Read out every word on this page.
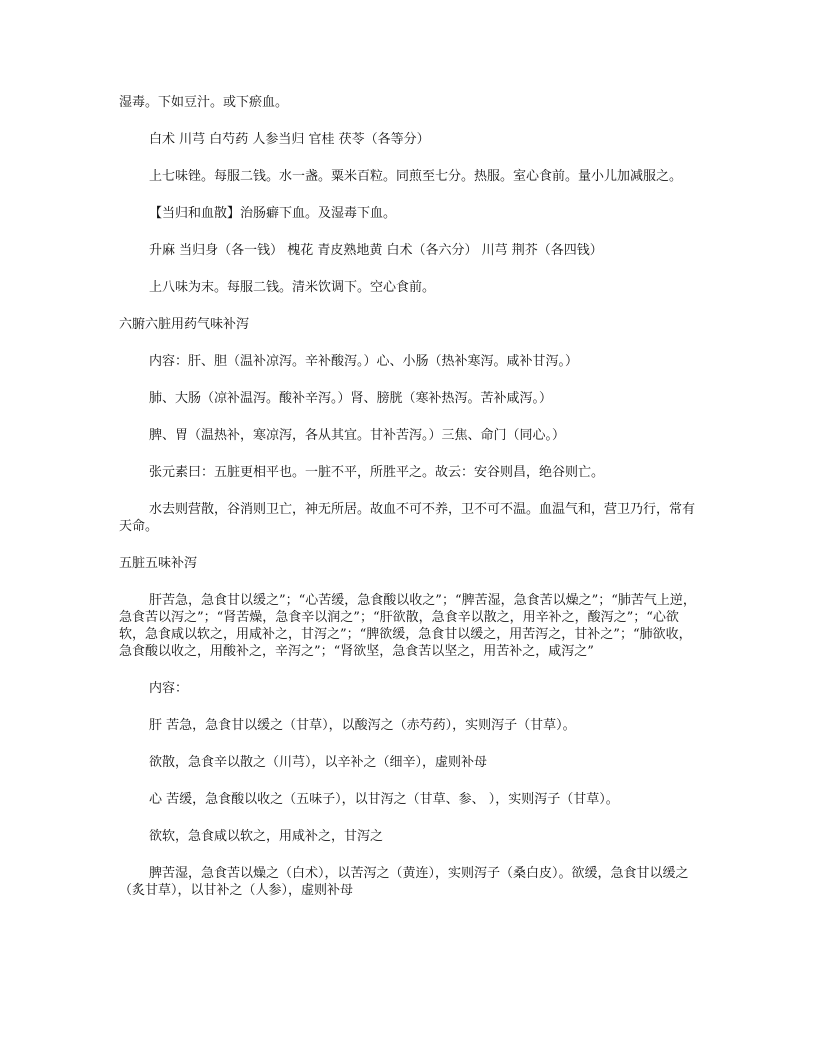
湿毒。下如豆汁。或下瘀血。

白术 川芎 白芍药 人参当归 官桂 茯苓（各等分）

上七味锉。每服二钱。水一盏。粟米百粒。同煎至七分。热服。室心食前。量小儿加减服之。

【当归和血散】治肠癖下血。及湿毒下血。

升麻 当归身（各一钱） 槐花 青皮熟地黄 白术（各六分） 川芎 荆芥（各四钱）

上八味为末。每服二钱。清米饮调下。空心食前。

六腑六脏用药气味补泻

内容：肝、胆（温补凉泻。辛补酸泻。）心、小肠（热补寒泻。咸补甘泻。）

肺、大肠（凉补温泻。酸补辛泻。）肾、膀胱（寒补热泻。苦补咸泻。）

脾、胃（温热补，寒凉泻，各从其宜。甘补苦泻。）三焦、命门（同心。）

张元素曰：五脏更相平也。一脏不平，所胜平之。故云：安谷则昌，绝谷则亡。

水去则营散，谷消则卫亡，神无所居。故血不可不养，卫不可不温。血温气和，营卫乃行，常有天命。

五脏五味补泻

肝苦急，急食甘以缓之”；“心苦缓，急食酸以收之”；“脾苦湿，急食苦以燥之”；“肺苦气上逆，急食苦以泻之”；“肾苦燥，急食辛以润之”；“肝欲散，急食辛以散之，用辛补之，酸泻之”；“心欲软，急食咸以软之，用咸补之，甘泻之”；“脾欲缓，急食甘以缓之，用苦泻之，甘补之”；“肺欲收，急食酸以收之，用酸补之，辛泻之”；“肾欲坚，急食苦以坚之，用苦补之，咸泻之”

内容：

肝 苦急，急食甘以缓之（甘草），以酸泻之（赤芍药），实则泻子（甘草）。

欲散，急食辛以散之（川芎），以辛补之（细辛），虚则补母

心 苦缓，急食酸以收之（五味子），以甘泻之（甘草、参、 ），实则泻子（甘草）。

欲软，急食咸以软之，用咸补之，甘泻之

脾苦湿，急食苦以燥之（白术），以苦泻之（黄连），实则泻子（桑白皮）。欲缓，急食甘以缓之（炙甘草），以甘补之（人参），虚则补母
